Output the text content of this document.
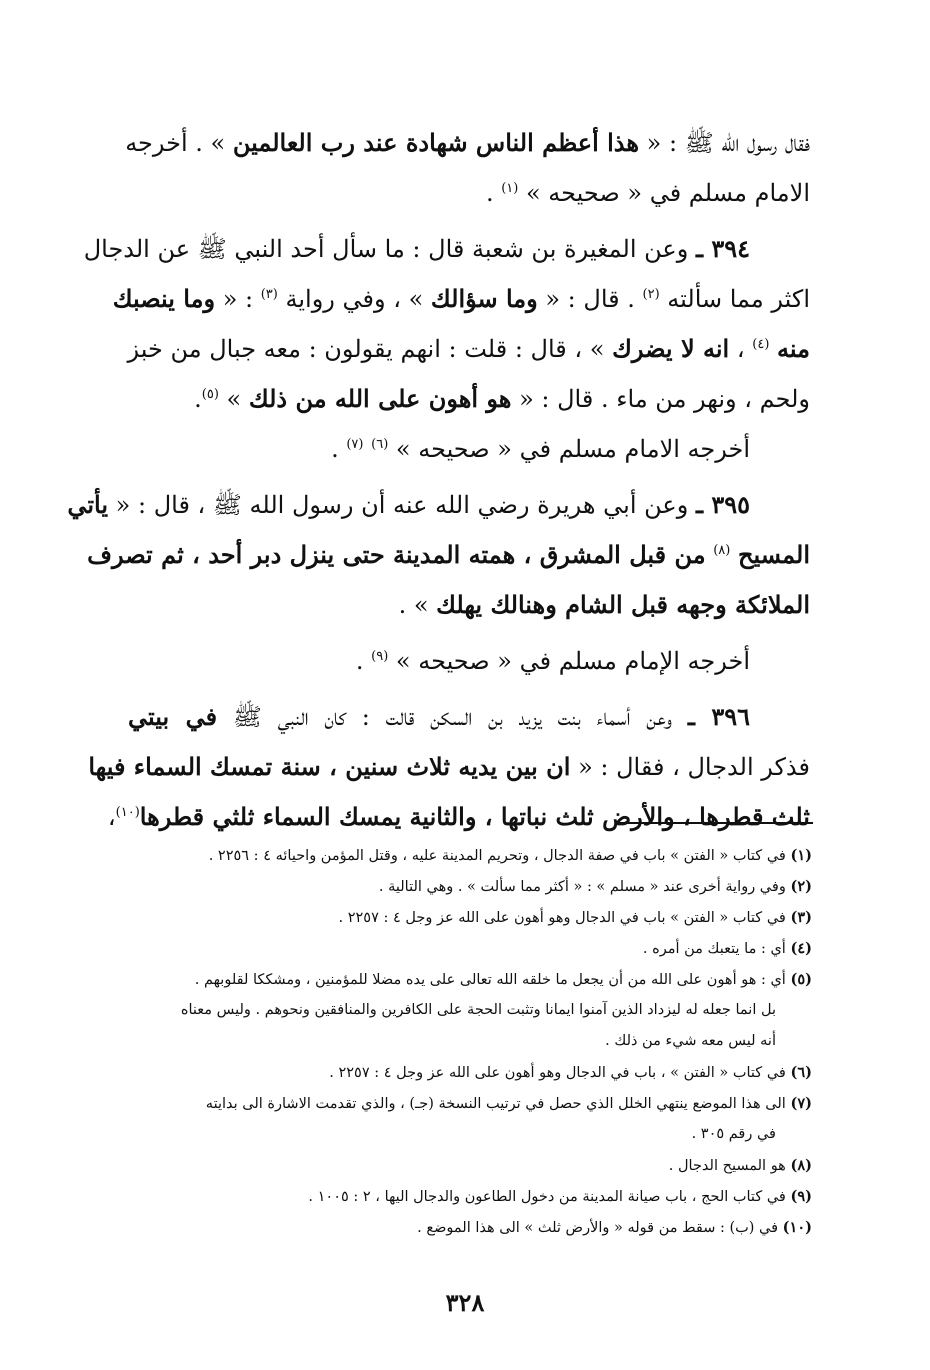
فقال رسول الله ﷺ : « هذا أعظم الناس شهادة عند رب العالمين » . أخرجه
الامام مسلم في « صحيحه » $^{(١)}$ .
٣٩٤ ـ وعن المغيرة بن شعبة قال : ما سأل أحد النبي ﷺ عن الدجال
اكثر مما سألته $^{(٢)}$ . قال : « وما سؤالك » ، وفي رواية $^{(٣)}$ : « وما ينصبك
منه $^{(٤)}$ ، انه لا يضرك » ، قال : قلت : انهم يقولون : معه جبال من خبز
ولحم ، ونهر من ماء . قال : « هو أهون على الله من ذلك » $^{(٥)}$.
أخرجه الامام مسلم في « صحيحه » $^{(٦)}$ $^{(٧)}$ .
٣٩٥ ـ وعن أبي هريرة رضي الله عنه أن رسول الله ﷺ ، قال : « يأتي
المسيح $^{(٨)}$ من قبل المشرق ، همته المدينة حتى ينزل دبر أحد ، ثم تصرف
الملائكة وجهه قبل الشام وهنالك يهلك » .
أخرجه الإمام مسلم في « صحيحه » $^{(٩)}$ .
٣٩٦ ـ وعن أسماء بنت يزيد بن السكن قالت : كان النبي ﷺ في بيتي
فذكر الدجال ، فقال : « ان بين يديه ثلاث سنين ، سنة تمسك السماء فيها
ثلث قطرها ، والأرض ثلث نباتها ، والثانية يمسك السماء ثلثي قطرها$^{(١٠)}$،
(١) في كتاب « الفتن » باب في صفة الدجال ، وتحريم المدينة عليه ، وقتل المؤمن واحيائه ٤ : ٢٢٥٦ .
(٢) وفي رواية أخرى عند « مسلم » : « أكثر مما سألت » . وهي التالية .
(٣) في كتاب « الفتن » باب في الدجال وهو أهون على الله عز وجل ٤ : ٢٢٥٧ .
(٤) أي : ما يتعبك من أمره .
(٥) أي : هو أهون على الله من أن يجعل ما خلقه الله تعالى على يده مضلا للمؤمنين ، ومشككا لقلوبهم .
بل انما جعله له ليزداد الذين آمنوا ايمانا وتثبت الحجة على الكافرين والمنافقين ونحوهم . وليس معناه
أنه ليس معه شيء من ذلك .
(٦) في كتاب « الفتن » ، باب في الدجال وهو أهون على الله عز وجل ٤ : ٢٢٥٧ .
(٧) الى هذا الموضع ينتهي الخلل الذي حصل في ترتيب النسخة (جـ) ، والذي تقدمت الاشارة الى بدايته
في رقم ٣٠٥ .
(٨) هو المسيح الدجال .
(٩) في كتاب الحج ، باب صيانة المدينة من دخول الطاعون والدجال اليها ، ٢ : ١٠٠٥ .
(١٠) في (ب) : سقط من قوله « والأرض ثلث » الى هذا الموضع .
٣٢٨
